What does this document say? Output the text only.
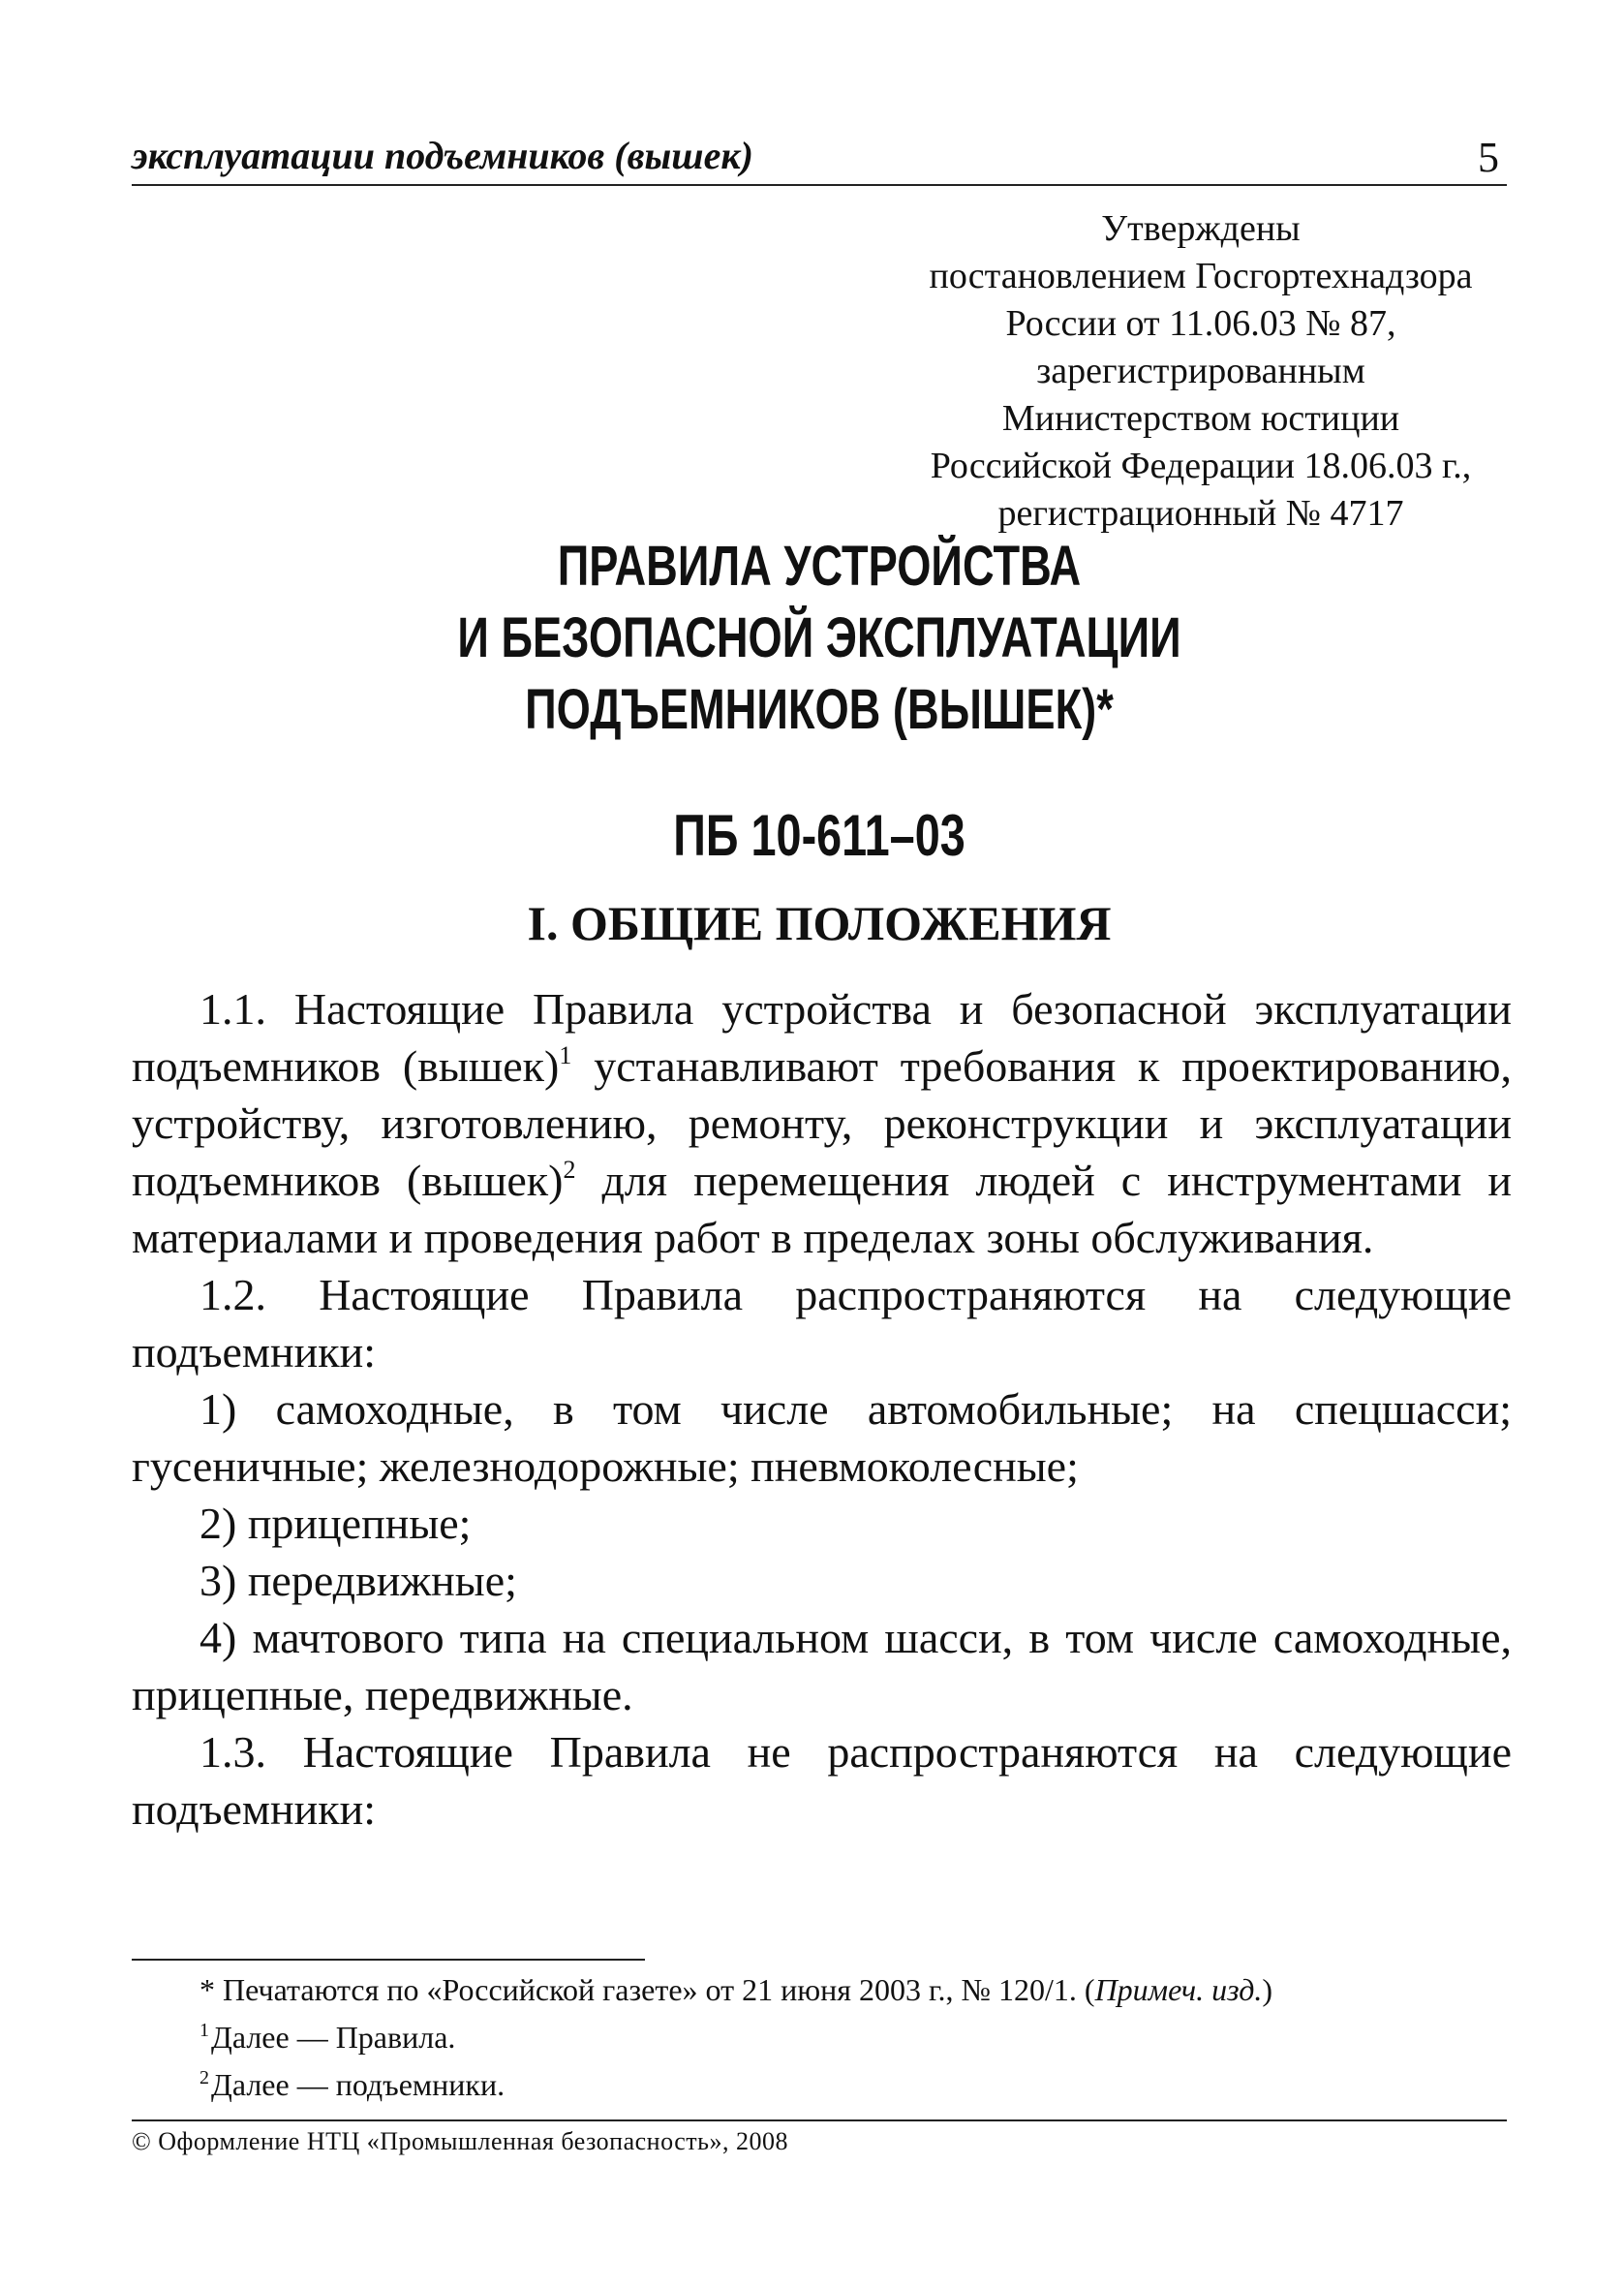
эксплуатации подъемников (вышек)	5
Утверждены
постановлением Госгортехнадзора
России от 11.06.03 № 87,
зарегистрированным
Министерством юстиции
Российской Федерации 18.06.03 г.,
регистрационный № 4717
ПРАВИЛА УСТРОЙСТВА
И БЕЗОПАСНОЙ ЭКСПЛУАТАЦИИ
ПОДЪЕМНИКОВ (ВЫШЕК)*
ПБ 10-611–03
I. ОБЩИЕ ПОЛОЖЕНИЯ

1.1. Настоящие Правила устройства и безопасной эксплуатации подъемников (вышек)$^1$ устанавливают требования к проектированию, устройству, изготовлению, ремонту, реконструкции и эксплуатации подъемников (вышек)$^2$ для перемещения людей с инструментами и материалами и проведения работ в пределах зоны обслуживания.

1.2. Настоящие Правила распространяются на следующие подъемники:

1) самоходные, в том числе автомобильные; на спецшасси; гусеничные; железнодорожные; пневмоколесные;

2) прицепные;

3) передвижные;

4) мачтового типа на специальном шасси, в том числе самоходные, прицепные, передвижные.

1.3. Настоящие Правила не распространяются на следующие подъемники:

* Печатаются по «Российской газете» от 21 июня 2003 г., № 120/1. (Примеч. изд.)
$^1$Далее — Правила.
$^2$Далее — подъемники.
© Оформление НТЦ «Промышленная безопасность», 2008
